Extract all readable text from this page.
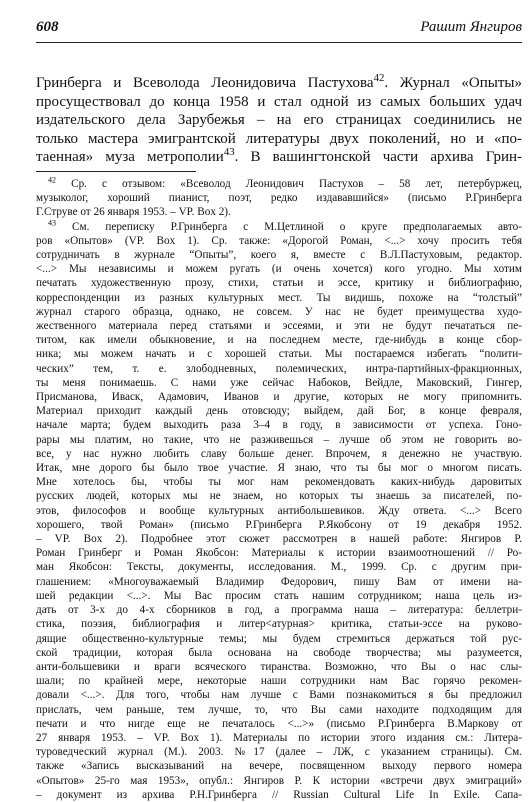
608	Рашит Янгиров
Гринберга и Всеволода Леонидовича Пастухова$^{42}$. Журнал «Опыты»
просуществовал до конца 1958 и стал одной из самых больших удач
издательского дела Зарубежья – на его страницах соединились не
только мастера эмигрантской литературы двух поколений, но и «по-
таенная» муза метрополии$^{43}$. В вашингтонской части архива Грин-
$^{42}$ Ср. с отзывом: «Всеволод Леонидович Пастухов – 58 лет, петербуржец,
музыколог, хороший пианист, поэт, редко издававшийся» (письмо Р.Гринберга
Г.Струве от 26 января 1953. – VP. Box 2).
$^{43}$ См. переписку Р.Гринберга с М.Цетлиной о круге предполагаемых авто-
ров «Опытов» (VP. Box 1). Ср. также: «Дорогой Роман, <...> хочу просить тебя
сотрудничать в журнале “Опыты”, коего я, вместе с В.Л.Пастуховым, редактор.
<...> Мы независимы и можем ругать (и очень хочется) кого угодно. Мы хотим
печатать художественную прозу, стихи, статьи и эссе, критику и библиографию,
корреспонденции из разных культурных мест. Ты видишь, похоже на “толстый”
журнал старого образца, однако, не совсем. У нас не будет преимущества худо-
жественного материала перед статьями и эссеями, и эти не будут печататься пе-
титом, как имели обыкновение, и на последнем месте, где-нибудь в конце сбор-
ника; мы можем начать и с хорошей статьи. Мы постараемся избегать “полити-
ческих” тем, т. е. злободневных, полемических, интра-партийных-фракционных,
ты меня понимаешь. С нами уже сейчас Набоков, Вейдле, Маковский, Гингер,
Присманова, Иваск, Адамович, Иванов и другие, которых не могу припомнить.
Материал приходит каждый день отовсюду; выйдем, дай Бог, в конце февраля,
начале марта; будем выходить раза 3–4 в году, в зависимости от успеха. Гоно-
рары мы платим, но такие, что не разживешься – лучше об этом не говорить во-
все, у нас нужно любить славу больше денег. Впрочем, я денежно не участвую.
Итак, мне дорого бы было твое участие. Я знаю, что ты бы мог о многом писать.
Мне хотелось бы, чтобы ты мог нам рекомендовать каких-нибудь даровитых
русских людей, которых мы не знаем, но которых ты знаешь за писателей, по-
этов, философов и вообще культурных антибольшевиков. Жду ответа. <...> Всего
хорошего, твой Роман» (письмо Р.Гринберга Р.Якобсону от 19 декабря 1952.
– VP. Box 2). Подробнее этот сюжет рассмотрен в нашей работе: Янгиров Р.
Роман Гринберг и Роман Якобсон: Материалы к истории взаимоотношений // Ро-
ман Якобсон: Тексты, документы, исследования. М., 1999. Ср. с другим при-
глашением: «Многоуважаемый Владимир Федорович, пишу Вам от имени на-
шей редакции <...>. Мы Вас просим стать нашим сотрудником; наша цель из-
дать от 3-х до 4-х сборников в год, а программа наша – литература: беллетри-
стика, поэзия, библиография и литер<атурная> критика, статьи-эссе на руково-
дящие общественно-культурные темы; мы будем стремиться держаться той рус-
ской традиции, которая была основана на свободе творчества; мы разумеется,
анти-большевики и враги всяческого тиранства. Возможно, что Вы о нас слы-
шали; по крайней мере, некоторые наши сотрудники нам Вас горячо рекомен-
довали <...>. Для того, чтобы нам лучше с Вами познакомиться я бы предложил
прислать, чем раньше, тем лучше, то, что Вы сами находите подходящим для
печати и что нигде еще не печаталось <...>» (письмо Р.Гринберга В.Маркову от
27 января 1953. – VP. Box 1). Материалы по истории этого издания см.: Литера-
туроведческий журнал (М.). 2003. №17 (далее – ЛЖ, с указанием страницы). См.
также «Запись высказываний на вечере, посвященном выходу первого номера
«Опытов» 25-го мая 1953», опубл.: Янгиров Р. К истории «встречи двух эмиграций»
– документ из архива Р.Н.Гринберга // Russian Cultural Life In Exile. Сапа-
